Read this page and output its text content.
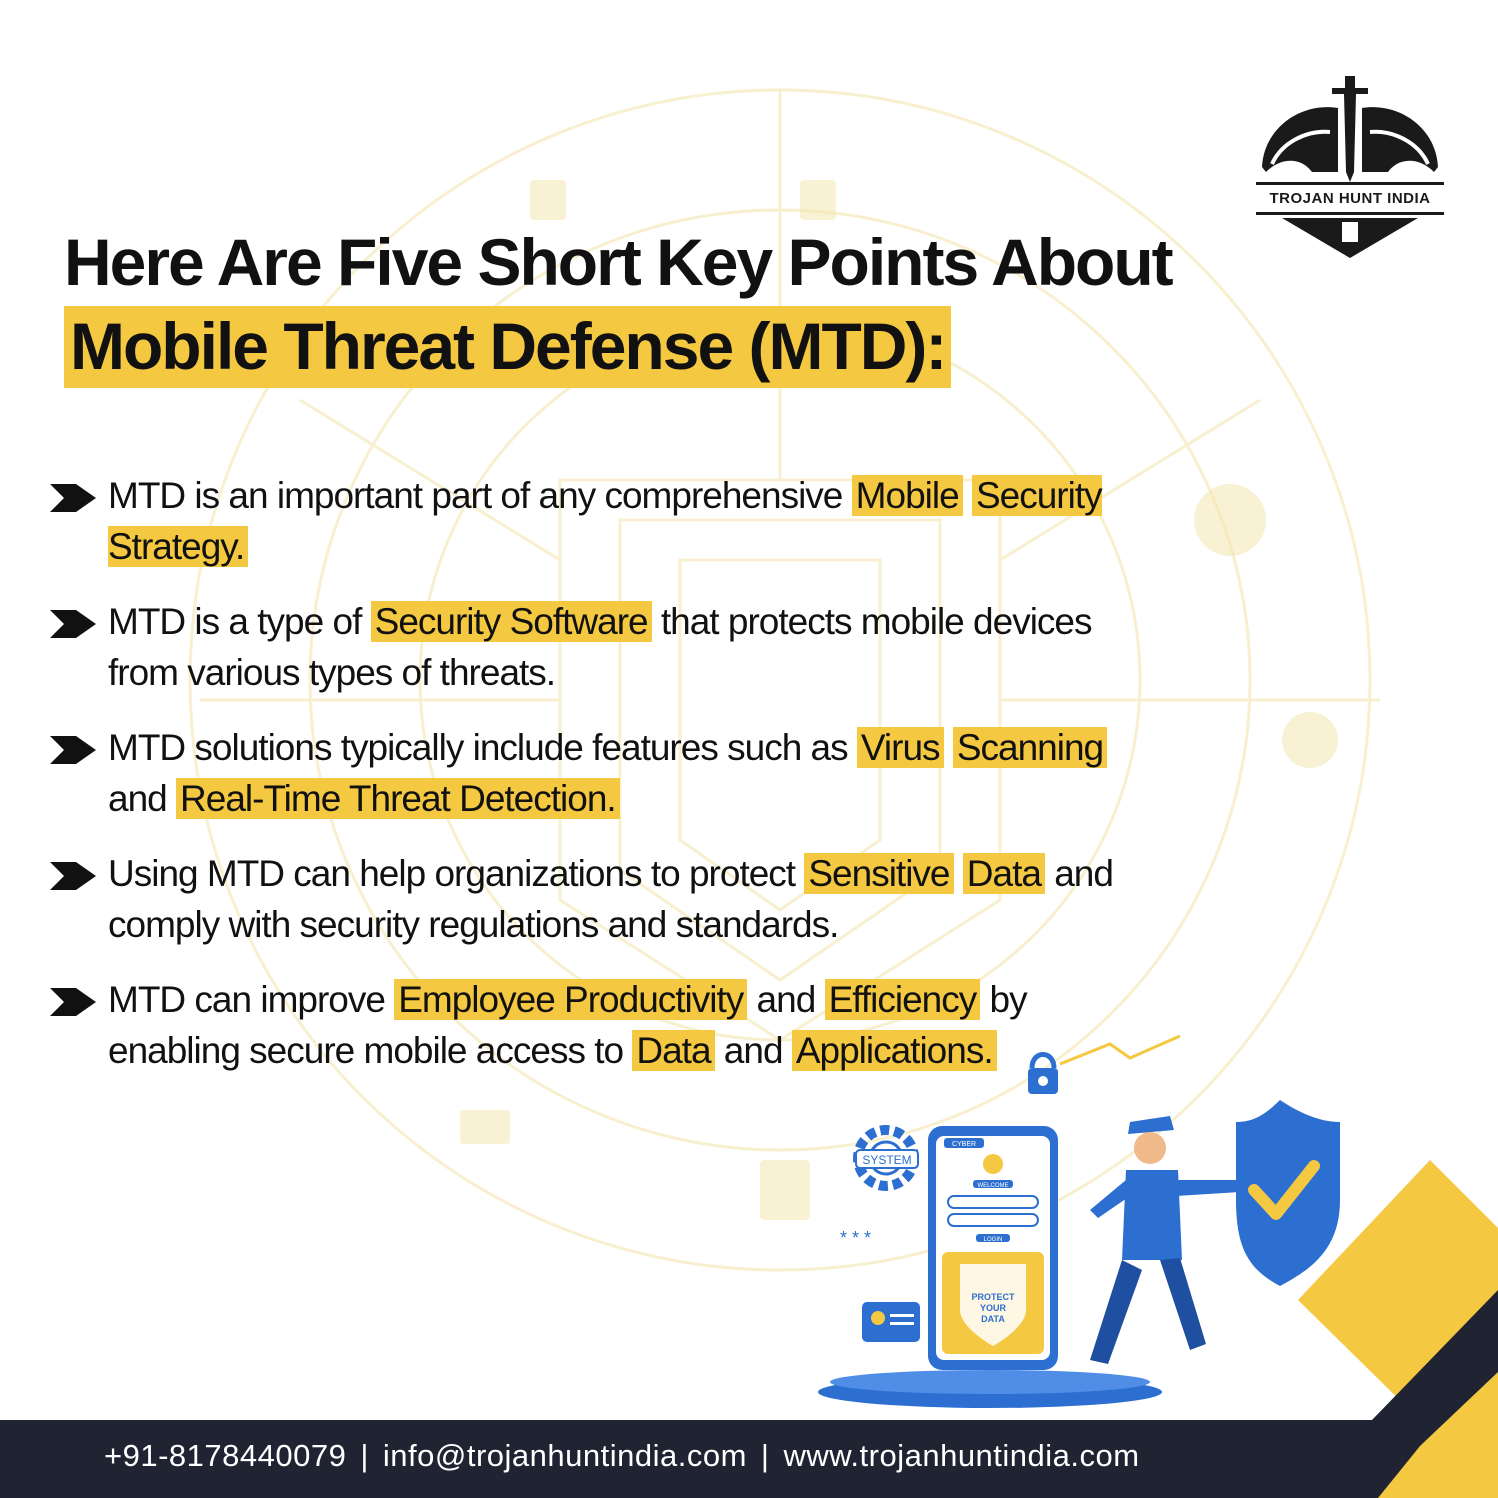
TROJAN HUNT INDIA
Here Are Five Short Key Points About
Mobile Threat Defense (MTD):
MTD is an important part of any comprehensive Mobile Security Strategy.
MTD is a type of Security Software that protects mobile devices from various types of threats.
MTD solutions typically include features such as Virus Scanning and Real-Time Threat Detection.
Using MTD can help organizations to protect Sensitive Data and comply with security regulations and standards.
MTD can improve Employee Productivity and Efficiency by enabling secure mobile access to Data and Applications.
SYSTEM
CYBER
WELCOME
LOGIN
PROTECT
YOUR
DATA
* * *
+91-8178440079 | info@trojanhuntindia.com | www.trojanhuntindia.com
